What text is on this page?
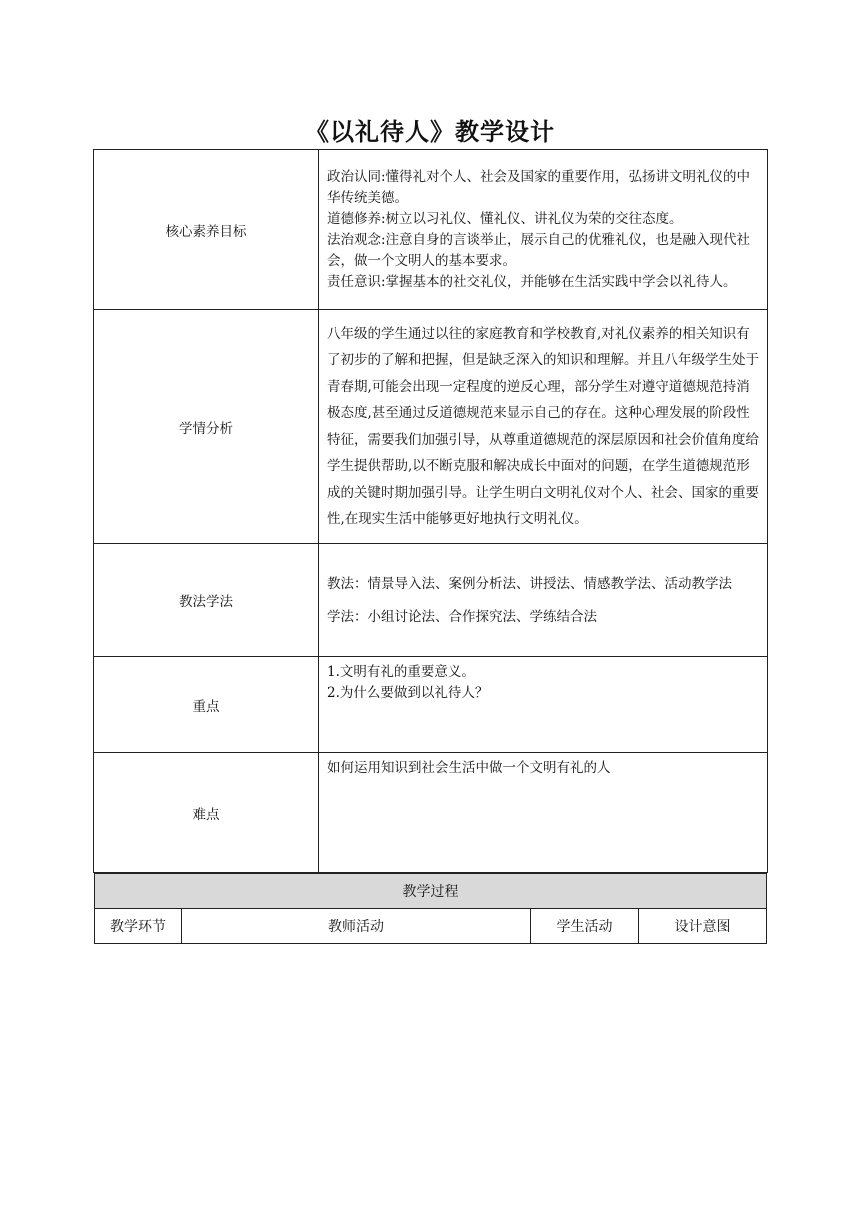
《以礼待人》教学设计
核心素养目标	政治认同:懂得礼对个人、社会及国家的重要作用，弘扬讲文明礼仪的中华传统美德。
道德修养:树立以习礼仪、懂礼仪、讲礼仪为荣的交往态度。
法治观念:注意自身的言谈举止，展示自己的优雅礼仪，也是融入现代社会，做一个文明人的基本要求。
责任意识:掌握基本的社交礼仪，并能够在生活实践中学会以礼待人。

学情分析	八年级的学生通过以往的家庭教育和学校教育,对礼仪素养的相关知识有了初步的了解和把握，但是缺乏深入的知识和理解。并且八年级学生处于青春期,可能会出现一定程度的逆反心理，部分学生对遵守道德规范持消极态度,甚至通过反道德规范来显示自己的存在。这种心理发展的阶段性特征，需要我们加强引导，从尊重道德规范的深层原因和社会价值角度给学生提供帮助,以不断克服和解决成长中面对的问题，在学生道德规范形成的关键时期加强引导。让学生明白文明礼仪对个人、社会、国家的重要性,在现实生活中能够更好地执行文明礼仪。
教法学法	教法：情景导入法、案例分析法、讲授法、情感教学法、活动教学法
学法：小组讨论法、合作探究法、学练结合法

重点	1.文明有礼的重要意义。
2.为什么要做到以礼待人？

难点	如何运用知识到社会生活中做一个文明有礼的人
教学过程
教学环节	教师活动	学生活动	设计意图
